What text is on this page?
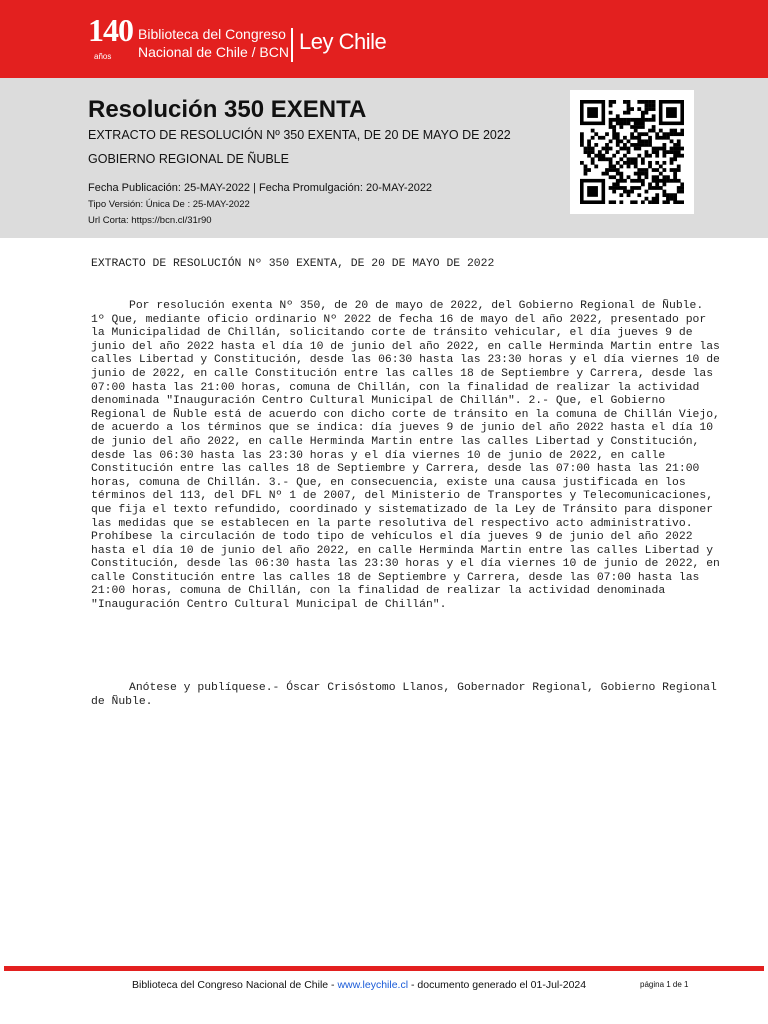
140
años
Biblioteca del Congreso
Nacional de Chile / BCN Ley Chile
Resolución 350 EXENTA
EXTRACTO DE RESOLUCIÓN Nº 350 EXENTA, DE 20 DE MAYO DE 2022
GOBIERNO REGIONAL DE ÑUBLE
Fecha Publicación: 25-MAY-2022 | Fecha Promulgación: 20-MAY-2022
Tipo Versión: Única De : 25-MAY-2022
Url Corta: https://bcn.cl/31r90

EXTRACTO DE RESOLUCIÓN Nº 350 EXENTA, DE 20 DE MAYO DE 2022

Por resolución exenta Nº 350, de 20 de mayo de 2022, del Gobierno Regional de Ñuble. 1º Que, mediante oficio ordinario Nº 2022 de fecha 16 de mayo del año 2022, presentado por la Municipalidad de Chillán, solicitando corte de tránsito vehicular, el día jueves 9 de junio del año 2022 hasta el día 10 de junio del año 2022, en calle Herminda Martin entre las calles Libertad y Constitución, desde las 06:30 hasta las 23:30 horas y el día viernes 10 de junio de 2022, en calle Constitución entre las calles 18 de Septiembre y Carrera, desde las 07:00 hasta las 21:00 horas, comuna de Chillán, con la finalidad de realizar la actividad denominada "Inauguración Centro Cultural Municipal de Chillán". 2.- Que, el Gobierno Regional de Ñuble está de acuerdo con dicho corte de tránsito en la comuna de Chillán Viejo, de acuerdo a los términos que se indica: día jueves 9 de junio del año 2022 hasta el día 10 de junio del año 2022, en calle Herminda Martin entre las calles Libertad y Constitución, desde las 06:30 hasta las 23:30 horas y el día viernes 10 de junio de 2022, en calle Constitución entre las calles 18 de Septiembre y Carrera, desde las 07:00 hasta las 21:00 horas, comuna de Chillán. 3.- Que, en consecuencia, existe una causa justificada en los términos del 113, del DFL Nº 1 de 2007, del Ministerio de Transportes y Telecomunicaciones, que fija el texto refundido, coordinado y sistematizado de la Ley de Tránsito para disponer las medidas que se establecen en la parte resolutiva del respectivo acto administrativo. Prohíbese la circulación de todo tipo de vehículos el día jueves 9 de junio del año 2022 hasta el día 10 de junio del año 2022, en calle Herminda Martin entre las calles Libertad y Constitución, desde las 06:30 hasta las 23:30 horas y el día viernes 10 de junio de 2022, en calle Constitución entre las calles 18 de Septiembre y Carrera, desde las 07:00 hasta las 21:00 horas, comuna de Chillán, con la finalidad de realizar la actividad denominada "Inauguración Centro Cultural Municipal de Chillán".

Anótese y publíquese.- Óscar Crisóstomo Llanos, Gobernador Regional, Gobierno Regional de Ñuble.

Biblioteca del Congreso Nacional de Chile - www.leychile.cl - documento generado el 01-Jul-2024	página 1 de 1
